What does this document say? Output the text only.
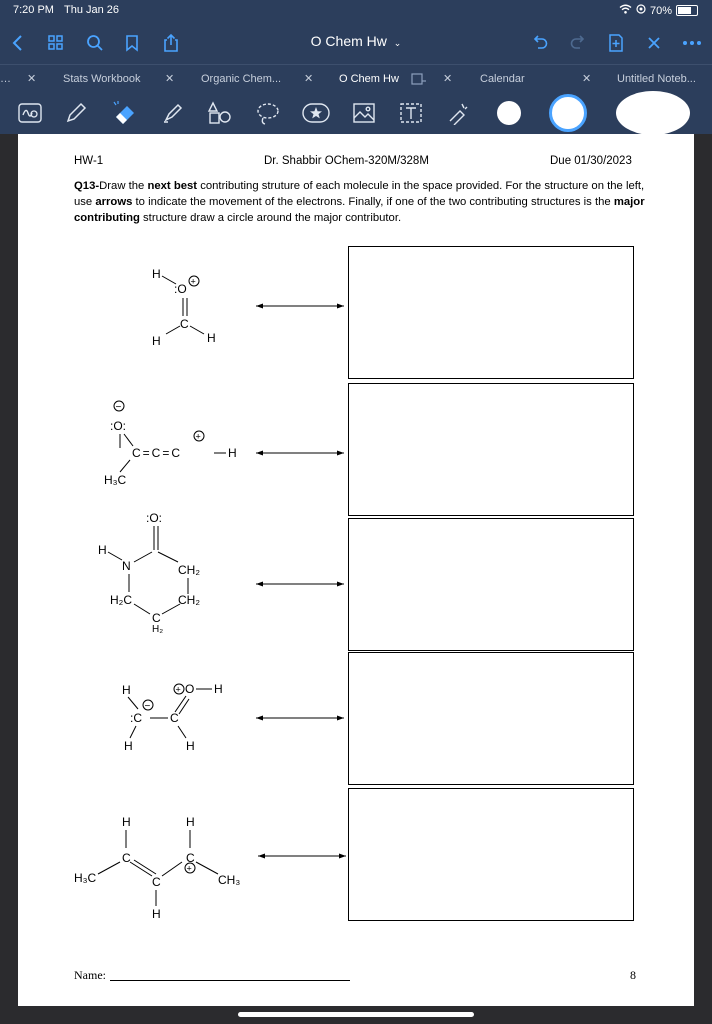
7:20 PM Thu Jan 26	70%
O Chem Hw ⌄
… ✕ Stats Workbook ✕ Organic Chem... ✕ O Chem Hw	✕	Calendar	✕ Untitled Noteb...
HW-1	Dr. Shabbir OChem-320M/328M	Due 01/30/2023
Q13-Draw the next best contributing struture of each molecule in the space provided. For the structure on the left, use arrows to indicate the movement of the electrons. Finally, if one of the two contributing structures is the major contributing structure draw a circle around the major contributor.
H
:O
+
C
H	H
−
:O:
+
C=C=C	H
H₃C
:O:
H
N	CH₂
H₂C	CH₂
C
H₂
H	+ O H
−
:C C
H	H
H	H
C	C
+
H₃C	C	CH₃
H
Name:	8
